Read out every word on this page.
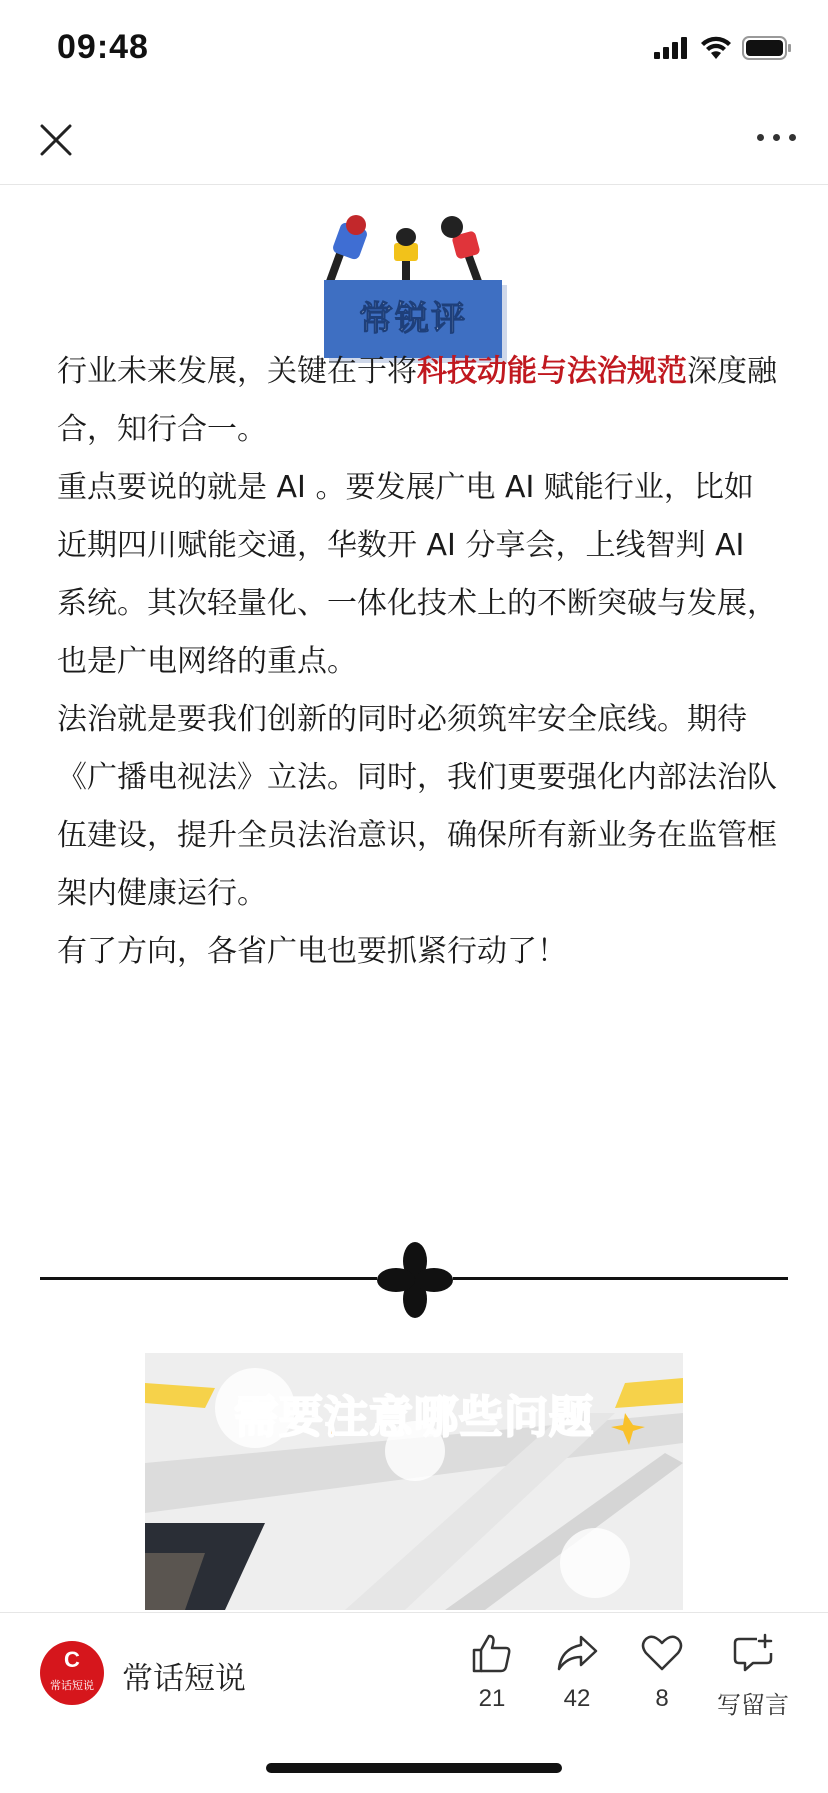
09:48
常锐评

行业未来发展，关键在于将科技动能与法治规范深度融合，知行合一。

重点要说的就是 AI 。要发展广电 AI 赋能行业，比如近期四川赋能交通，华数开 AI 分享会，上线智判 AI 系统。其次轻量化、一体化技术上的不断突破与发展，也是广电网络的重点。

法治就是要我们创新的同时必须筑牢安全底线。期待《广播电视法》立法。同时，我们更要强化内部法治队伍建设，提升全员法治意识，确保所有新业务在监管框架内健康运行。

有了方向，各省广电也要抓紧行动了！

需要注意哪些问题
C
常话短说 常话短说
21	42	8	写留言
